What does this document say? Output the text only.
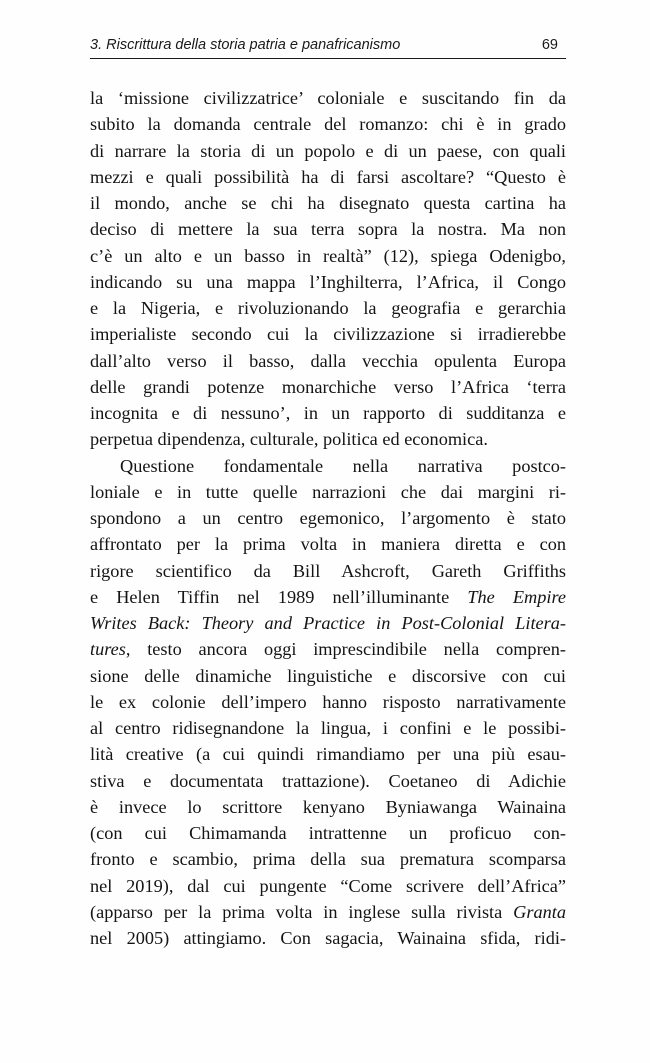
3. Riscrittura della storia patria e panafricanismo	69
la ‘missione civilizzatrice’ coloniale e suscitando fin da
subito la domanda centrale del romanzo: chi è in grado
di narrare la storia di un popolo e di un paese, con quali
mezzi e quali possibilità ha di farsi ascoltare? “Questo è
il mondo, anche se chi ha disegnato questa cartina ha
deciso di mettere la sua terra sopra la nostra. Ma non
c’è un alto e un basso in realtà” (12), spiega Odenigbo,
indicando su una mappa l’Inghilterra, l’Africa, il Congo
e la Nigeria, e rivoluzionando la geografia e gerarchia
imperialiste secondo cui la civilizzazione si irradierebbe
dall’alto verso il basso, dalla vecchia opulenta Europa
delle grandi potenze monarchiche verso l’Africa ‘terra
incognita e di nessuno’, in un rapporto di sudditanza e
perpetua dipendenza, culturale, politica ed economica.
Questione fondamentale nella narrativa postco-
loniale e in tutte quelle narrazioni che dai margini ri-
spondono a un centro egemonico, l’argomento è stato
affrontato per la prima volta in maniera diretta e con
rigore scientifico da Bill Ashcroft, Gareth Griffiths
e Helen Tiffin nel 1989 nell’illuminante The Empire
Writes Back: Theory and Practice in Post-Colonial Litera-
tures, testo ancora oggi imprescindibile nella compren-
sione delle dinamiche linguistiche e discorsive con cui
le ex colonie dell’impero hanno risposto narrativamente
al centro ridisegnandone la lingua, i confini e le possibi-
lità creative (a cui quindi rimandiamo per una più esau-
stiva e documentata trattazione). Coetaneo di Adichie
è invece lo scrittore kenyano Byniawanga Wainaina
(con cui Chimamanda intrattenne un proficuo con-
fronto e scambio, prima della sua prematura scomparsa
nel 2019), dal cui pungente “Come scrivere dell’Africa”
(apparso per la prima volta in inglese sulla rivista Granta
nel 2005) attingiamo. Con sagacia, Wainaina sfida, ridi-
